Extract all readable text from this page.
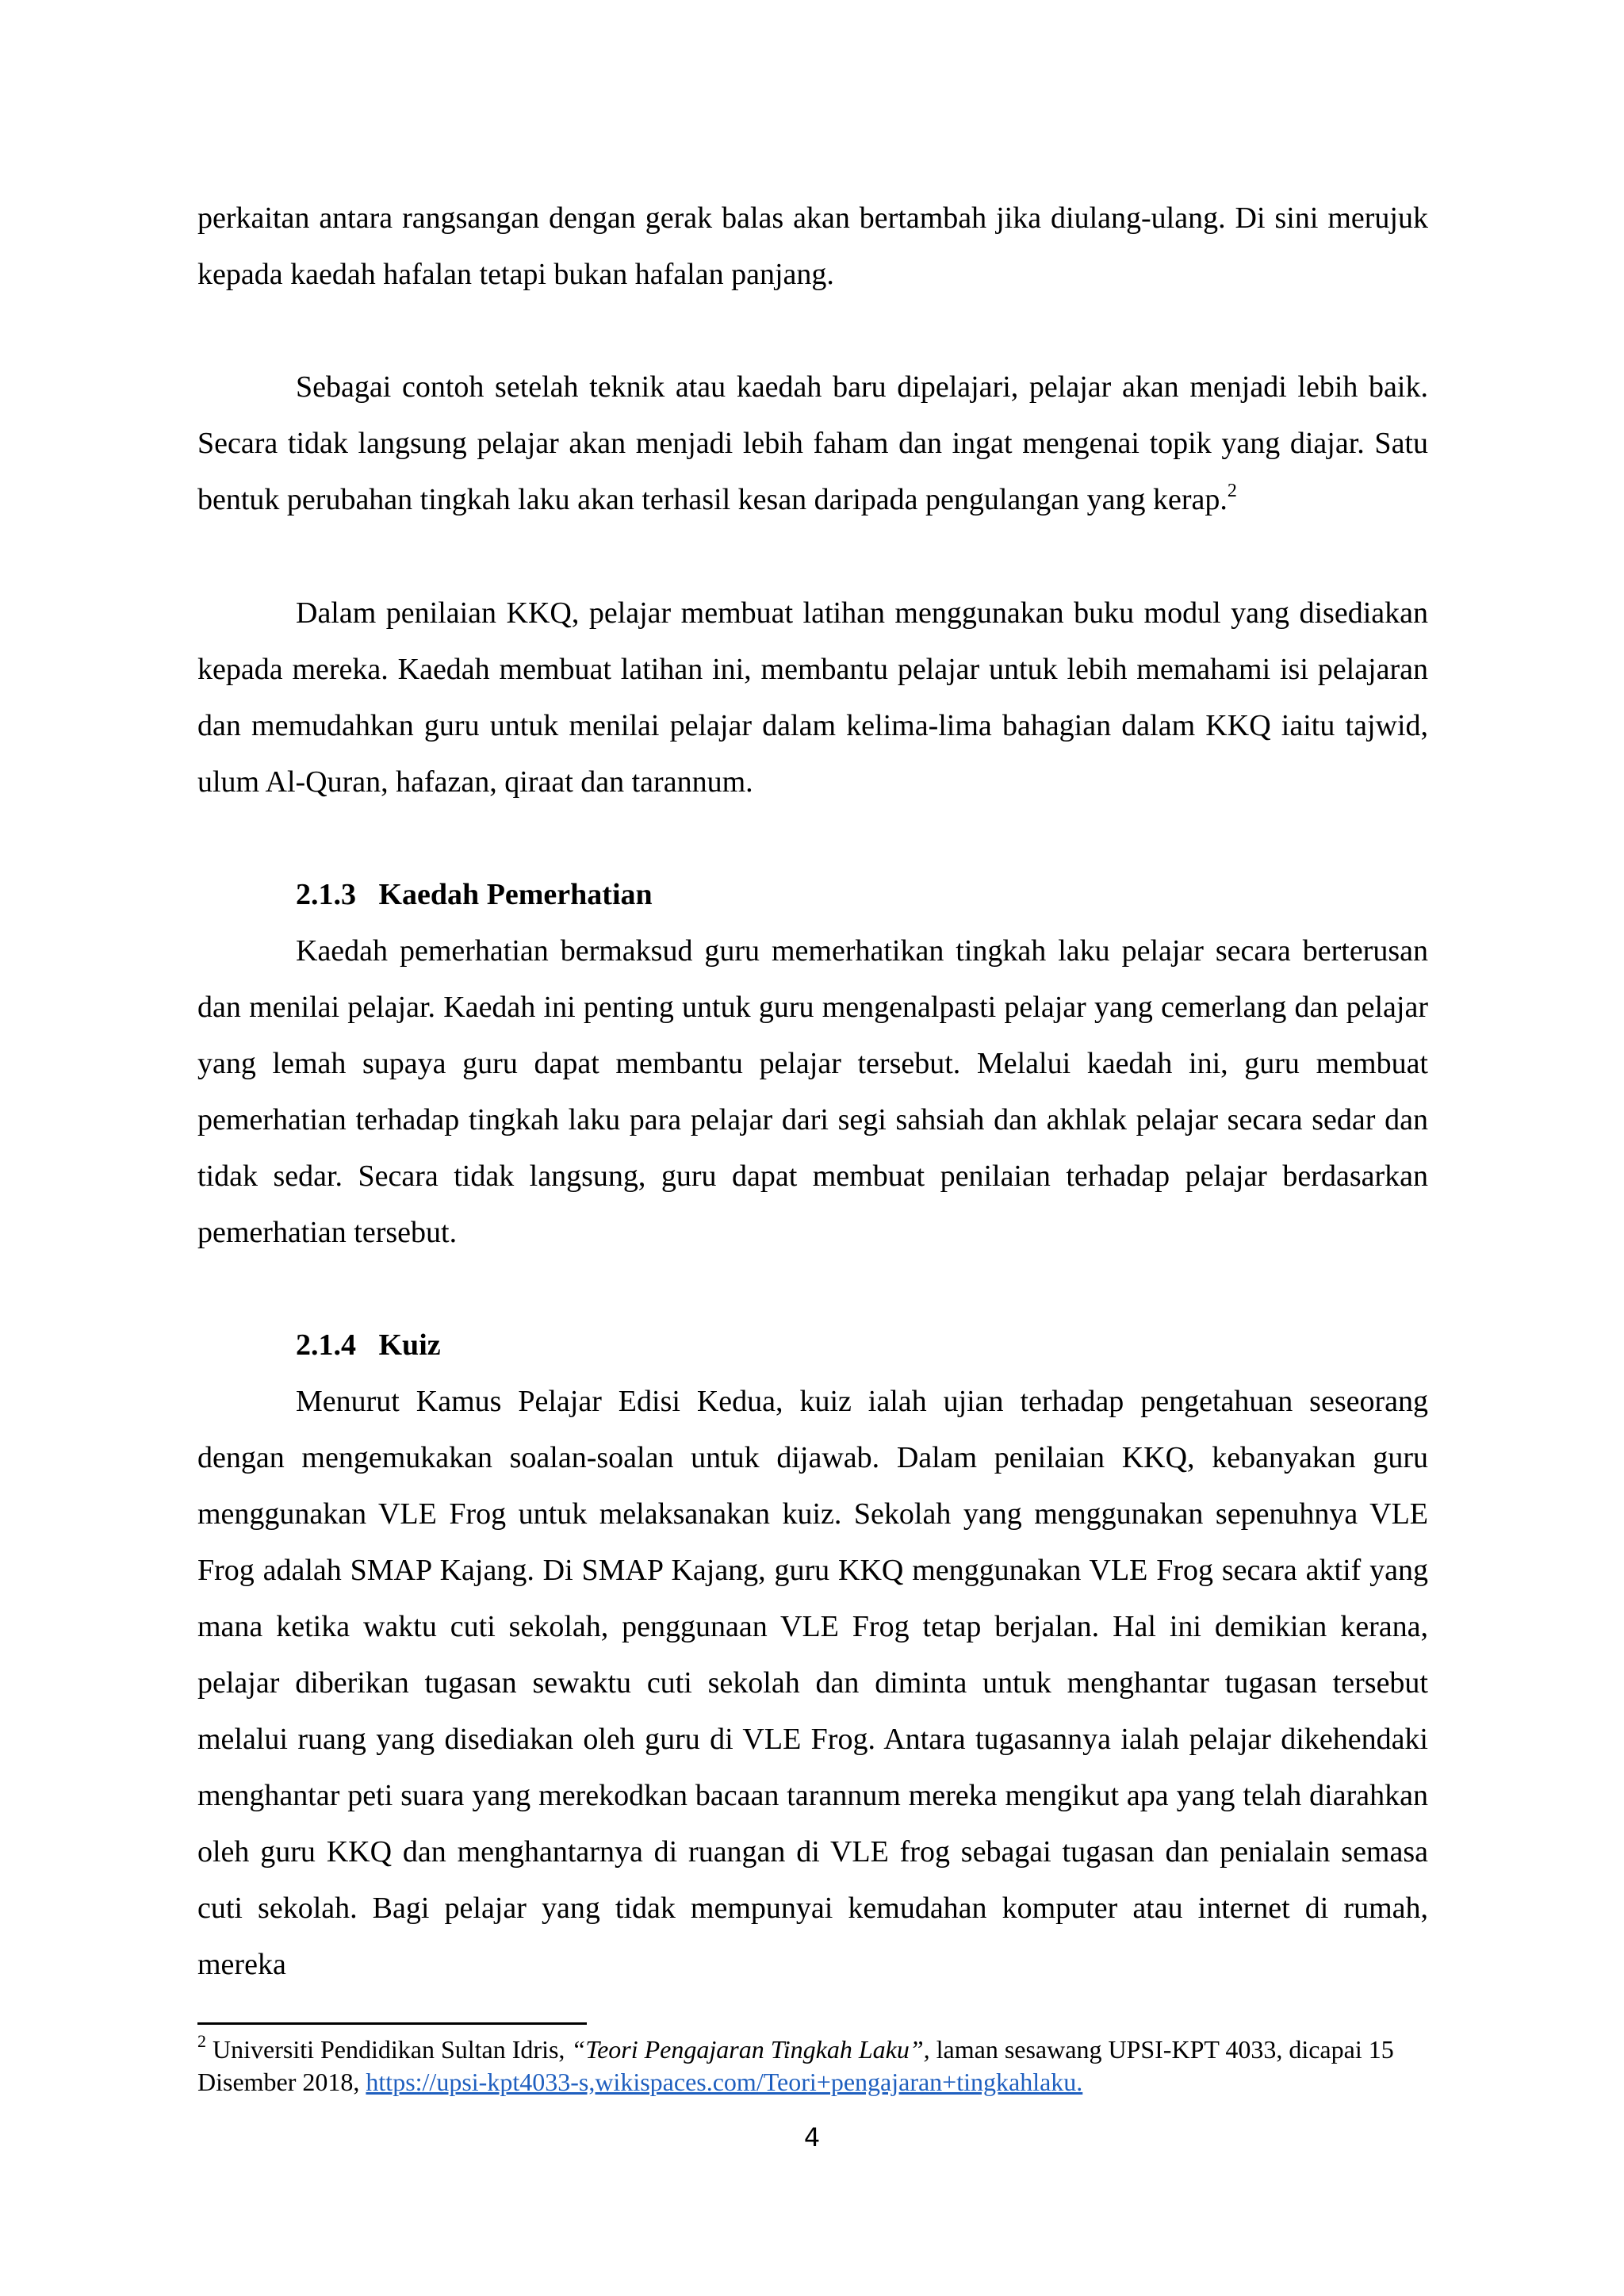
perkaitan antara rangsangan dengan gerak balas akan bertambah jika diulang-ulang. Di sini merujuk kepada kaedah hafalan tetapi bukan hafalan panjang.

Sebagai contoh setelah teknik atau kaedah baru dipelajari, pelajar akan menjadi lebih baik. Secara tidak langsung pelajar akan menjadi lebih faham dan ingat mengenai topik yang diajar. Satu bentuk perubahan tingkah laku akan terhasil kesan daripada pengulangan yang kerap.$^2$

Dalam penilaian KKQ, pelajar membuat latihan menggunakan buku modul yang disediakan kepada mereka. Kaedah membuat latihan ini, membantu pelajar untuk lebih memahami isi pelajaran dan memudahkan guru untuk menilai pelajar dalam kelima-lima bahagian dalam KKQ iaitu tajwid, ulum Al-Quran, hafazan, qiraat dan tarannum.

2.1.3   Kaedah Pemerhatian

Kaedah pemerhatian bermaksud guru memerhatikan tingkah laku pelajar secara berterusan dan menilai pelajar. Kaedah ini penting untuk guru mengenalpasti pelajar yang cemerlang dan pelajar yang lemah supaya guru dapat membantu pelajar tersebut. Melalui kaedah ini, guru membuat pemerhatian terhadap tingkah laku para pelajar dari segi sahsiah dan akhlak pelajar secara sedar dan tidak sedar. Secara tidak langsung, guru dapat membuat penilaian terhadap pelajar berdasarkan pemerhatian tersebut.

2.1.4   Kuiz

Menurut Kamus Pelajar Edisi Kedua, kuiz ialah ujian terhadap pengetahuan seseorang dengan mengemukakan soalan-soalan untuk dijawab. Dalam penilaian KKQ, kebanyakan guru menggunakan VLE Frog untuk melaksanakan kuiz. Sekolah yang menggunakan sepenuhnya VLE Frog adalah SMAP Kajang. Di SMAP Kajang, guru KKQ menggunakan VLE Frog secara aktif yang mana ketika waktu cuti sekolah, penggunaan VLE Frog tetap berjalan. Hal ini demikian kerana, pelajar diberikan tugasan sewaktu cuti sekolah dan diminta untuk menghantar tugasan tersebut melalui ruang yang disediakan oleh guru di VLE Frog. Antara tugasannya ialah pelajar dikehendaki menghantar peti suara yang merekodkan bacaan tarannum mereka mengikut apa yang telah diarahkan oleh guru KKQ dan menghantarnya di ruangan di VLE frog sebagai tugasan dan penialain semasa cuti sekolah. Bagi pelajar yang tidak mempunyai kemudahan komputer atau internet di rumah, mereka

$^2$ Universiti Pendidikan Sultan Idris, “Teori Pengajaran Tingkah Laku”, laman sesawang UPSI-KPT 4033, dicapai 15 Disember 2018, https://upsi-kpt4033-s,wikispaces.com/Teori+pengajaran+tingkahlaku.

4
